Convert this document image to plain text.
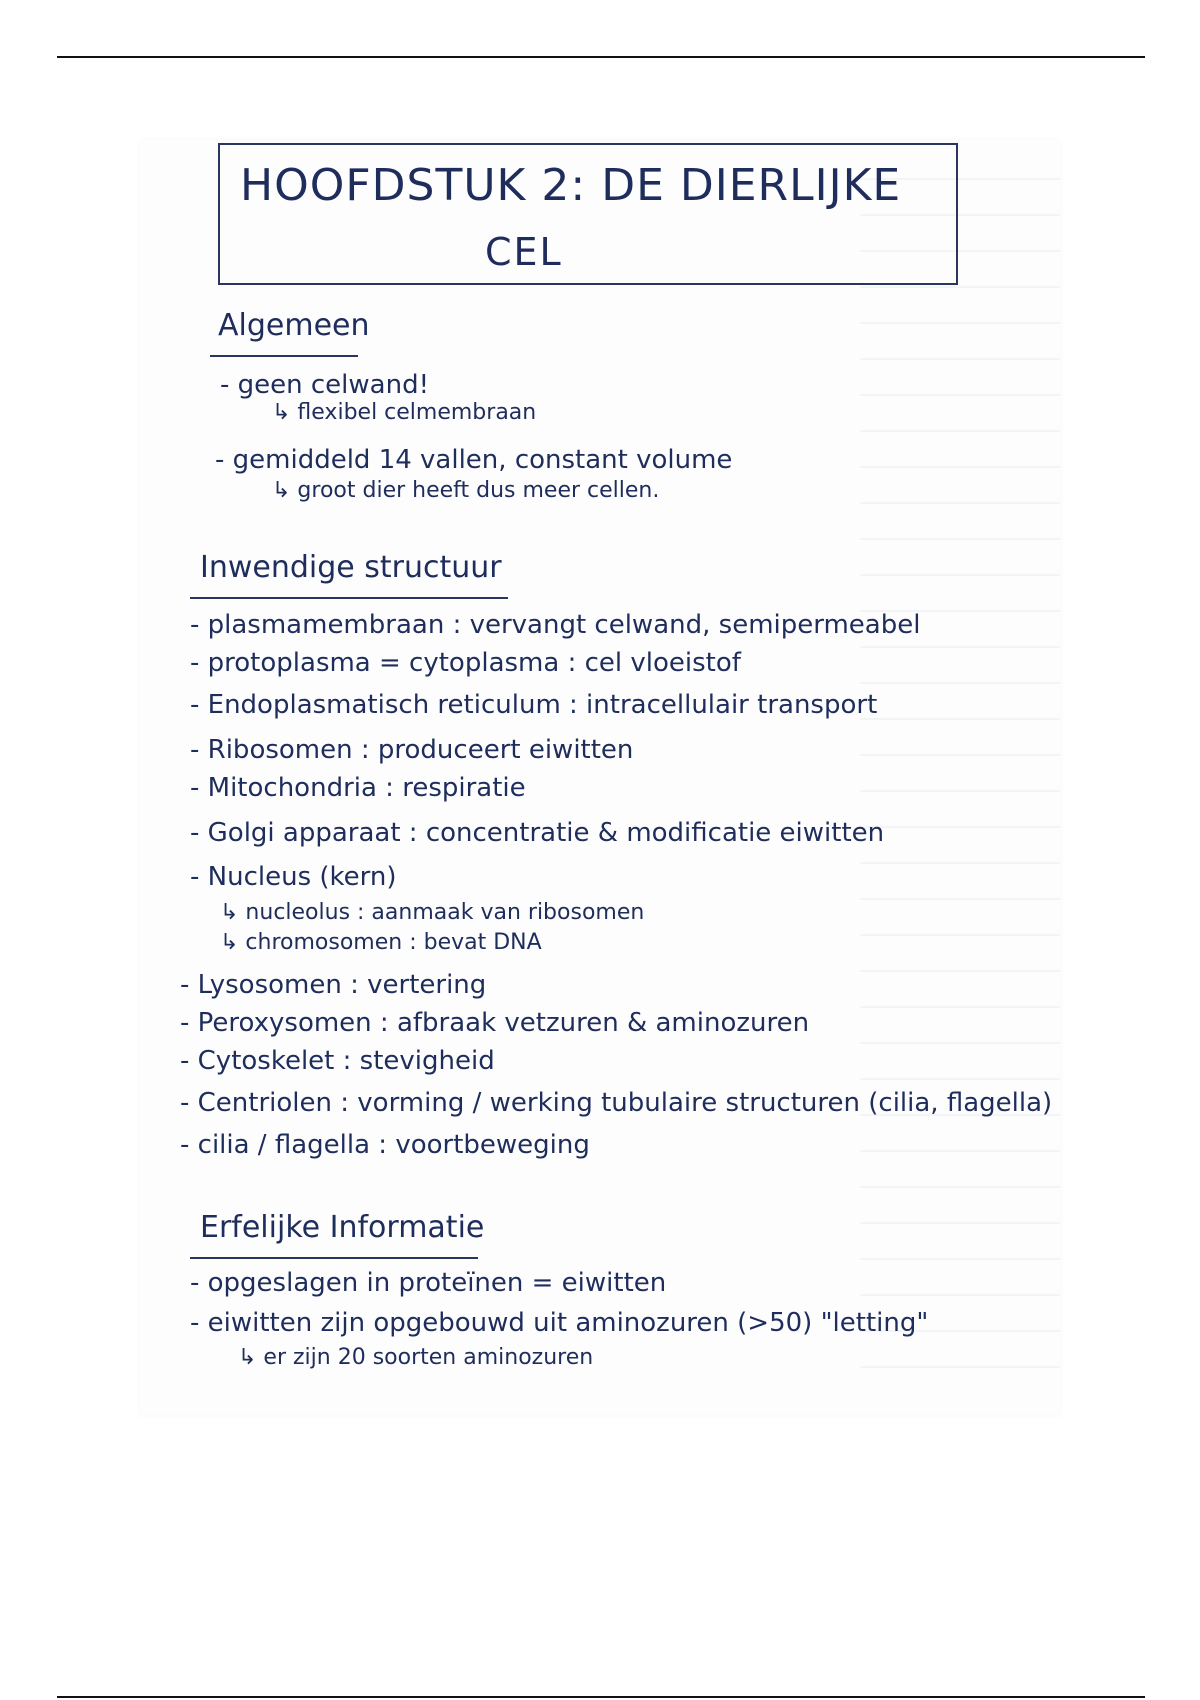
HOOFDSTUK 2: DE DIERLIJKE
CEL
Algemeen
- geen celwand!
↳ flexibel celmembraan
- gemiddeld 14 vallen, constant volume
↳ groot dier heeft dus meer cellen.
Inwendige structuur
- plasmamembraan : vervangt celwand, semipermeabel
- protoplasma = cytoplasma : cel vloeistof
- Endoplasmatisch reticulum : intracellulair transport
- Ribosomen : produceert eiwitten
- Mitochondria : respiratie
- Golgi apparaat : concentratie & modificatie eiwitten
- Nucleus (kern)
↳ nucleolus : aanmaak van ribosomen
↳ chromosomen : bevat DNA
- Lysosomen : vertering
- Peroxysomen : afbraak vetzuren & aminozuren
- Cytoskelet : stevigheid
- Centriolen : vorming / werking tubulaire structuren (cilia, flagella)
- cilia / flagella : voortbeweging
Erfelijke Informatie
- opgeslagen in proteïnen = eiwitten
- eiwitten zijn opgebouwd uit aminozuren (>50) "letting"
↳ er zijn 20 soorten aminozuren
